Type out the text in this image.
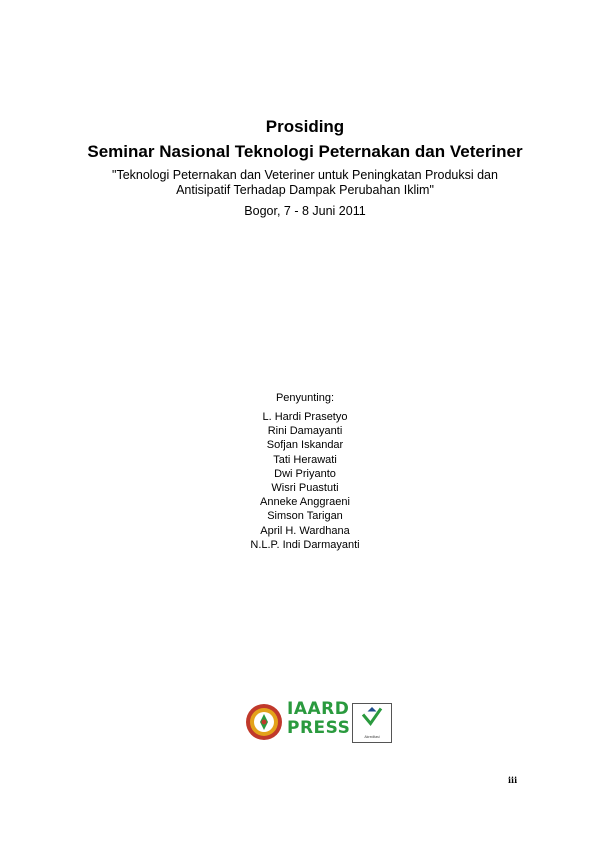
Prosiding
Seminar Nasional Teknologi Peternakan dan Veteriner
"Teknologi Peternakan dan Veteriner untuk Peningkatan Produksi dan
Antisipatif Terhadap Dampak Perubahan Iklim"
Bogor, 7 - 8 Juni 2011
Penyunting:
L. Hardi Prasetyo
Rini Damayanti
Sofjan Iskandar
Tati Herawati
Dwi Priyanto
Wisri Puastuti
Anneke Anggraeni
Simson Tarigan
April H. Wardhana
N.L.P. Indi Darmayanti
IAARD
PRESS	Akreditasi
iii
